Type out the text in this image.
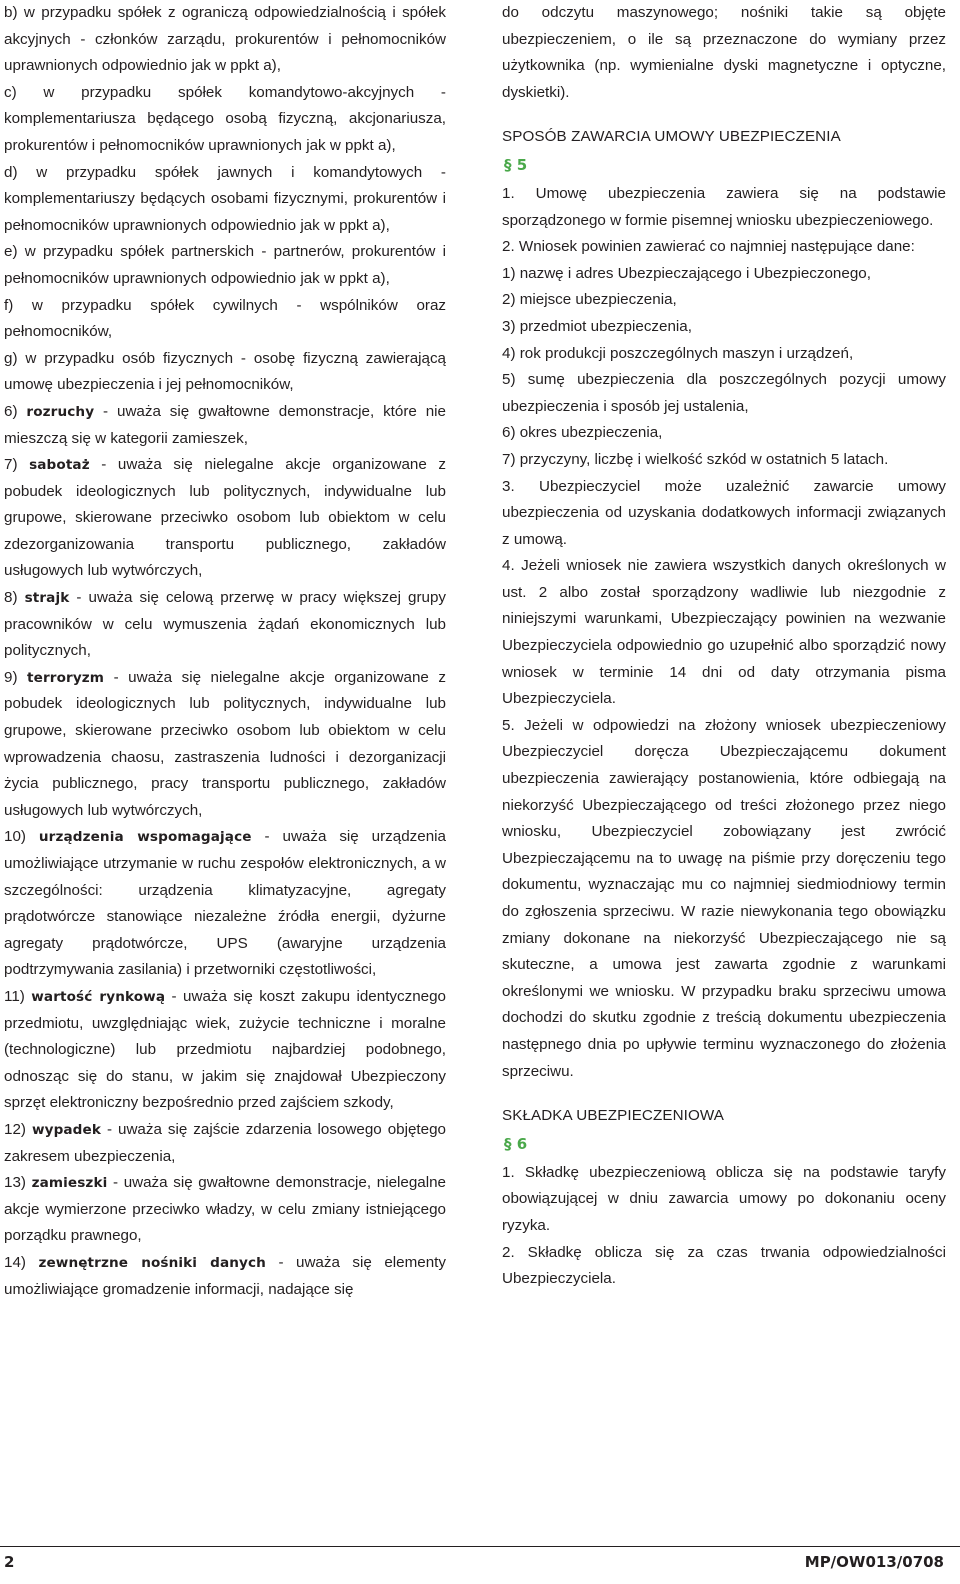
b) w przypadku spółek z ograniczą odpowiedzialnością i spółek akcyjnych - członków zarządu, prokurentów i pełnomocników uprawnionych odpowiednio jak w ppkt a),

c) w przypadku spółek komandytowo-akcyjnych - komplementariusza będącego osobą fizyczną, akcjonariusza, prokurentów i pełnomocników uprawnionych jak w ppkt a),

d) w przypadku spółek jawnych i komandytowych - komplementariuszy będących osobami fizycznymi, prokurentów i pełnomocników uprawnionych odpowiednio jak w ppkt a),

e) w przypadku spółek partnerskich - partnerów, prokurentów i pełnomocników uprawnionych odpowiednio jak w ppkt a),

f) w przypadku spółek cywilnych - wspólników oraz pełnomocników,

g) w przypadku osób fizycznych - osobę fizyczną zawierającą umowę ubezpieczenia i jej pełnomocników,

6) rozruchy - uważa się gwałtowne demonstracje, które nie mieszczą się w kategorii zamieszek,

7) sabotaż - uważa się nielegalne akcje organizowane z pobudek ideologicznych lub politycznych, indywidualne lub grupowe, skierowane przeciwko osobom lub obiektom w celu zdezorganizowania transportu publicznego, zakładów usługowych lub wytwórczych,

8) strajk - uważa się celową przerwę w pracy większej grupy pracowników w celu wymuszenia żądań ekonomicznych lub politycznych,

9) terroryzm - uważa się nielegalne akcje organizowane z pobudek ideologicznych lub politycznych, indywidualne lub grupowe, skierowane przeciwko osobom lub obiektom w celu wprowadzenia chaosu, zastraszenia ludności i dezorganizacji życia publicznego, pracy transportu publicznego, zakładów usługowych lub wytwórczych,

10) urządzenia wspomagające - uważa się urządzenia umożliwiające utrzymanie w ruchu zespołów elektronicznych, a w szczególności: urządzenia klimatyzacyjne, agregaty prądotwórcze stanowiące niezależne źródła energii, dyżurne agregaty prądotwórcze, UPS (awaryjne urządzenia podtrzymywania zasilania) i przetworniki częstotliwości,

11) wartość rynkową - uważa się koszt zakupu identycznego przedmiotu, uwzględniając wiek, zużycie techniczne i moralne (technologiczne) lub przedmiotu najbardziej podobnego, odnosząc się do stanu, w jakim się znajdował Ubezpieczony sprzęt elektroniczny bezpośrednio przed zajściem szkody,

12) wypadek - uważa się zajście zdarzenia losowego objętego zakresem ubezpieczenia,

13) zamieszki - uważa się gwałtowne demonstracje, nielegalne akcje wymierzone przeciwko władzy, w celu zmiany istniejącego porządku prawnego,

14) zewnętrzne nośniki danych - uważa się elementy umożliwiające gromadzenie informacji, nadające się

do odczytu maszynowego; nośniki takie są objęte ubezpieczeniem, o ile są przeznaczone do wymiany przez użytkownika (np. wymienialne dyski magnetyczne i optyczne, dyskietki).

SPOSÓB ZAWARCIA UMOWY UBEZPIECZENIA

§ 5

1. Umowę ubezpieczenia zawiera się na podstawie sporządzonego w formie pisemnej wniosku ubezpieczeniowego.

2. Wniosek powinien zawierać co najmniej następujące dane:

1) nazwę i adres Ubezpieczającego i Ubezpieczonego,

2) miejsce ubezpieczenia,

3) przedmiot ubezpieczenia,

4) rok produkcji poszczególnych maszyn i urządzeń,

5) sumę ubezpieczenia dla poszczególnych pozycji umowy ubezpieczenia i sposób jej ustalenia,

6) okres ubezpieczenia,

7) przyczyny, liczbę i wielkość szkód w ostatnich 5 latach.

3. Ubezpieczyciel może uzależnić zawarcie umowy ubezpieczenia od uzyskania dodatkowych informacji związanych z umową.

4. Jeżeli wniosek nie zawiera wszystkich danych określonych w ust. 2 albo został sporządzony wadliwie lub niezgodnie z niniejszymi warunkami, Ubezpieczający powinien na wezwanie Ubezpieczyciela odpowiednio go uzupełnić albo sporządzić nowy wniosek w terminie 14 dni od daty otrzymania pisma Ubezpieczyciela.

5. Jeżeli w odpowiedzi na złożony wniosek ubezpieczeniowy Ubezpieczyciel doręcza Ubezpieczającemu dokument ubezpieczenia zawierający postanowienia, które odbiegają na niekorzyść Ubezpieczającego od treści złożonego przez niego wniosku, Ubezpieczyciel zobowiązany jest zwrócić Ubezpieczającemu na to uwagę na piśmie przy doręczeniu tego dokumentu, wyznaczając mu co najmniej siedmiodniowy termin do zgłoszenia sprzeciwu. W razie niewykonania tego obowiązku zmiany dokonane na niekorzyść Ubezpieczającego nie są skuteczne, a umowa jest zawarta zgodnie z warunkami określonymi we wniosku. W przypadku braku sprzeciwu umowa dochodzi do skutku zgodnie z treścią dokumentu ubezpieczenia następnego dnia po upływie terminu wyznaczonego do złożenia sprzeciwu.

SKŁADKA UBEZPIECZENIOWA

§ 6

1. Składkę ubezpieczeniową oblicza się na podstawie taryfy obowiązującej w dniu zawarcia umowy po dokonaniu oceny ryzyka.

2. Składkę oblicza się za czas trwania odpowiedzialności Ubezpieczyciela.

2	MP/OW013/0708
